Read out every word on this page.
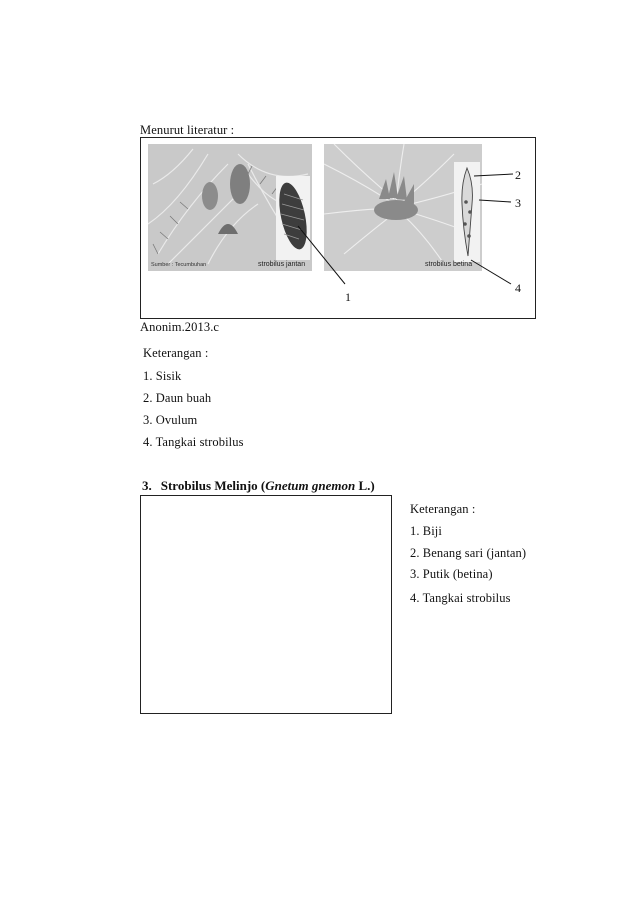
Menurut literatur :
Sumber : Tecumbuhan	strobilus jantan	strobilus betina
1
2
3
4
Anonim.2013.c
Keterangan :
1. Sisik
2. Daun buah
3. Ovulum
4. Tangkai strobilus
3. Strobilus Melinjo (Gnetum gnemon L.)
Keterangan :
1. Biji
2. Benang sari (jantan)
3. Putik (betina)
4. Tangkai strobilus
